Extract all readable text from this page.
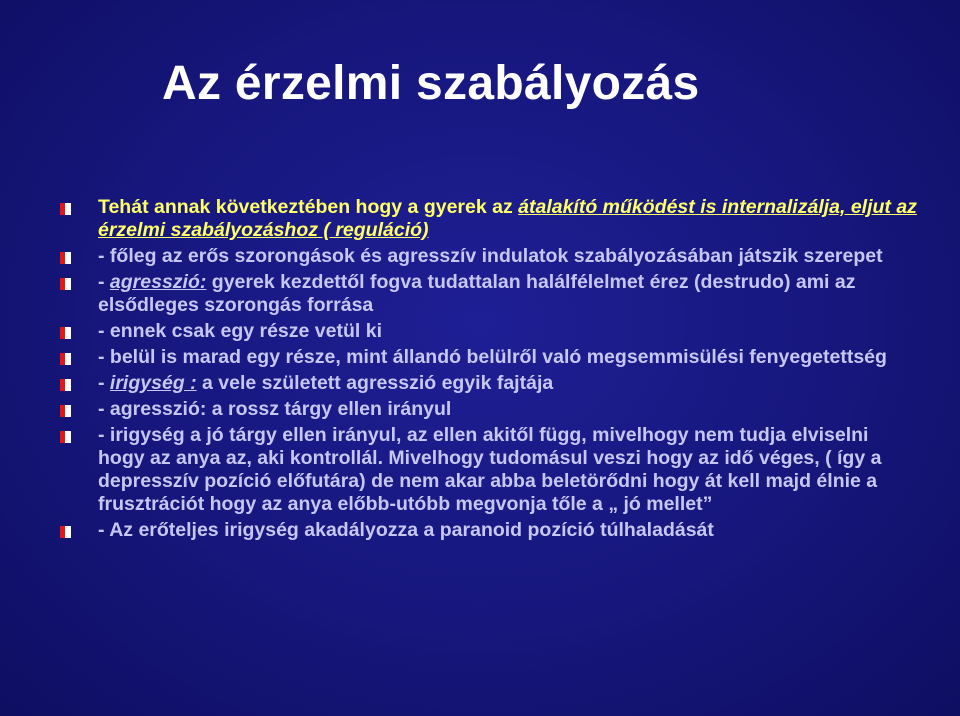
Az érzelmi szabályozás
Tehát annak következtében hogy a gyerek az átalakító működést is internalizálja, eljut az érzelmi szabályozáshoz ( reguláció)
- főleg az erős szorongások és agresszív indulatok szabályozásában játszik szerepet
- agresszió: gyerek kezdettől fogva tudattalan halálfélelmet érez (destrudo) ami az elsődleges szorongás forrása
- ennek csak egy része vetül ki
- belül is marad egy része, mint állandó belülről való megsemmisülési fenyegetettség
- irigység : a vele született agresszió egyik fajtája
- agresszió: a rossz tárgy ellen irányul
- irigység a jó tárgy ellen irányul, az ellen akitől függ, mivelhogy nem tudja elviselni hogy az anya az, aki kontrollál. Mivelhogy tudomásul veszi hogy az idő véges, ( így a depresszív pozíció előfutára) de nem akar abba beletörődni hogy át kell majd élnie a frusztrációt hogy az anya előbb-utóbb megvonja tőle a „ jó mellet”
- Az erőteljes irigység akadályozza a paranoid pozíció túlhaladását
